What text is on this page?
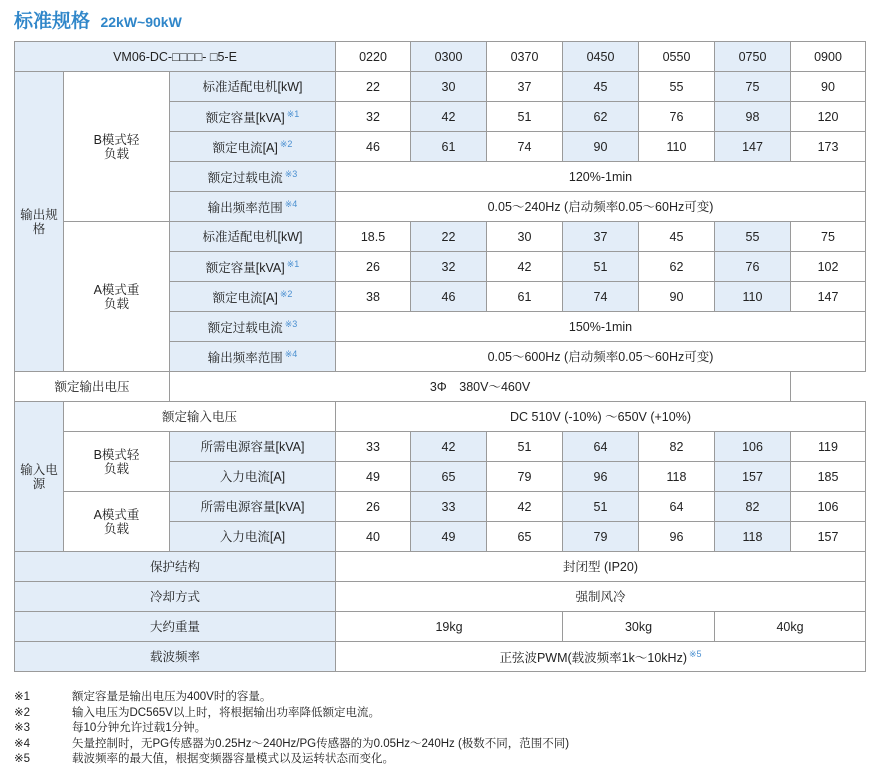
标准规格 22kW~90kW
VM06-DC-□□□□- □5-E			0220	0300	0370	0450	0550	0750	0900
输出规格	B模式轻负载	标准适配电机[kW]	22	30	37	45	55	75	90
		额定容量[kVA] $^{※1}$	32	42	51	62	76	98	120
		额定电流[A] $^{※2}$	46	61	74	90	110	147	173
		额定过载电流 $^{※3}$	120%-1min						
		输出频率范围 $^{※4}$	0.05～240Hz (启动频率0.05～60Hz可变)						
	A模式重负载	标准适配电机[kW]	18.5	22	30	37	45	55	75
		额定容量[kVA] $^{※1}$	26	32	42	51	62	76	102
		额定电流[A] $^{※2}$	38	46	61	74	90	110	147
		额定过载电流 $^{※3}$	150%-1min						
		输出频率范围 $^{※4}$	0.05～600Hz (启动频率0.05～60Hz可变)						
额定输出电压		3Φ　380V～460V							
输入电源	额定输入电压		DC 510V (-10%) ～650V (+10%)						
	B模式轻负载	所需电源容量[kVA]	33	42	51	64	82	106	119
		入力电流[A]	49	65	79	96	118	157	185
	A模式重负载	所需电源容量[kVA]	26	33	42	51	64	82	106
		入力电流[A]	40	49	65	79	96	118	157
保护结构			封闭型 (IP20)						
冷却方式			强制风冷						
大约重量			19kg			30kg		40kg	
载波频率			正弦波PWM(载波频率1k～10kHz) $^{※5}$
※1	额定容量是输出电压为400V时的容量。
※2	输入电压为DC565V以上时，将根据输出功率降低额定电流。
※3	每10分钟允许过载1分钟。
※4	矢量控制时，无PG传感器为0.25Hz～240Hz/PG传感器的为0.05Hz～240Hz (极数不同，范围不同)
※5	载波频率的最大值，根据变频器容量模式以及运转状态而变化。
